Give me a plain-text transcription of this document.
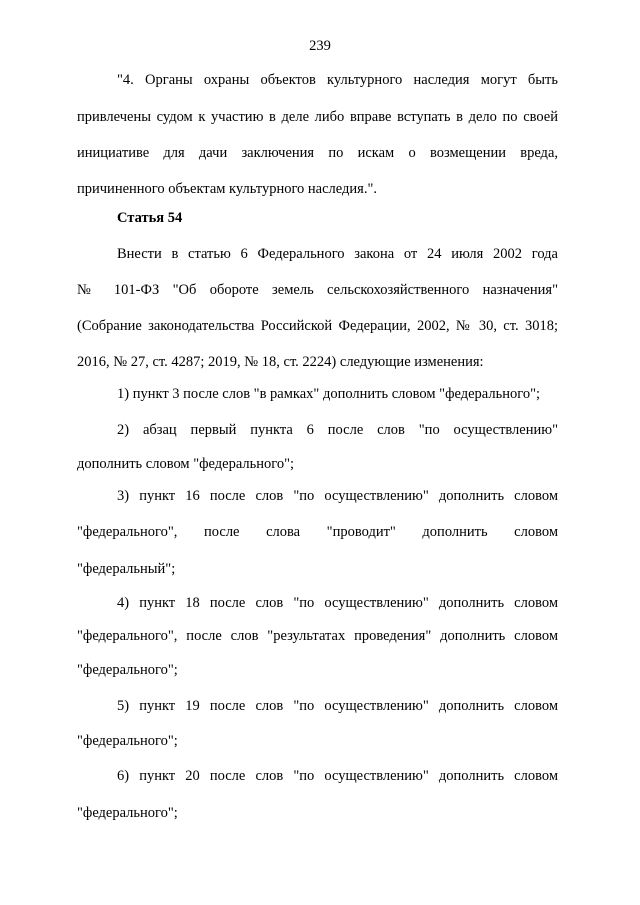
239
"4. Органы охраны объектов культурного наследия могут быть
привлечены судом к участию в деле либо вправе вступать в дело по своей
инициативе для дачи заключения по искам о возмещении вреда,
причиненного объектам культурного наследия.".
Статья 54
Внести в статью 6 Федерального закона от 24 июля 2002 года
№ 101-ФЗ "Об обороте земель сельскохозяйственного назначения"
(Собрание законодательства Российской Федерации, 2002, № 30, ст. 3018;
2016, № 27, ст. 4287; 2019, № 18, ст. 2224) следующие изменения:
1) пункт 3 после слов "в рамках" дополнить словом "федерального";
2) абзац первый пункта 6 после слов "по осуществлению"
дополнить словом "федерального";
3) пункт 16 после слов "по осуществлению" дополнить словом
"федерального", после слова "проводит" дополнить словом
"федеральный";
4) пункт 18 после слов "по осуществлению" дополнить словом
"федерального", после слов "результатах проведения" дополнить словом
"федерального";
5) пункт 19 после слов "по осуществлению" дополнить словом
"федерального";
6) пункт 20 после слов "по осуществлению" дополнить словом
"федерального";
